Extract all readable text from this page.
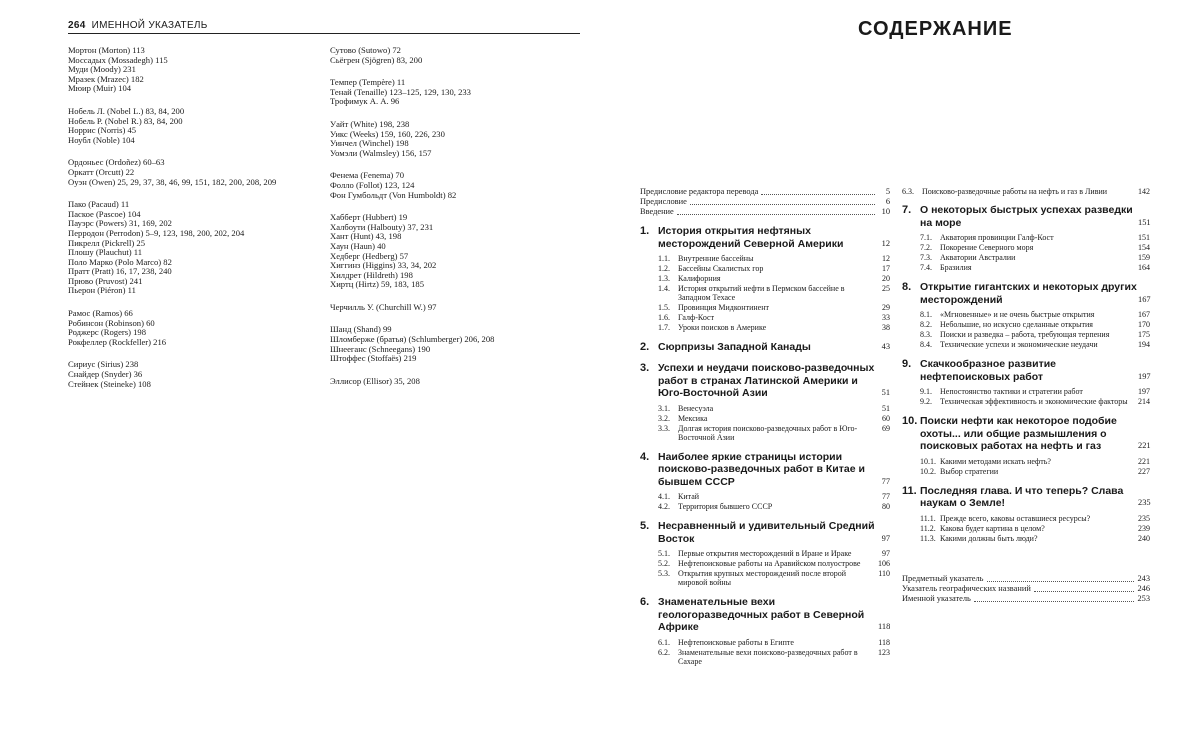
264 ИМЕННОЙ УКАЗАТЕЛЬ
Мортон (Morton) 113
Моссадых (Mossadegh) 115
Муди (Moody) 231
Мразек (Mrazec) 182
Мюир (Muir) 104
Нобель Л. (Nobel L.) 83, 84, 200
Нобель Р. (Nobel R.) 83, 84, 200
Норрис (Norris) 45
Ноубл (Noble) 104
Ордоньес (Ordoñez) 60–63
Оркатт (Orcutt) 22
Оуэн (Owen) 25, 29, 37, 38, 46, 99, 151, 182, 200, 208, 209
Пако (Pacaud) 11
Паское (Pascoe) 104
Пауэрс (Powers) 31, 169, 202
Перродон (Perrodon) 5–9, 123, 198, 200, 202, 204
Пикрелл (Pickrell) 25
Плошу (Plauchut) 11
Поло Марко (Polo Marco) 82
Пратт (Pratt) 16, 17, 238, 240
Прюво (Pruvost) 241
Пьерон (Piéron) 11
Рамос (Ramos) 66
Робинсон (Robinson) 60
Роджерс (Rogers) 198
Рокфеллер (Rockfeller) 216
Сириус (Sirius) 238
Снайдер (Snyder) 36
Стейнек (Steineke) 108
Сутово (Sutowo) 72
Сьёгрен (Sjögren) 83, 200
Темпер (Tempère) 11
Тенай (Tenaille) 123–125, 129, 130, 233
Трофимук А. А. 96
Уайт (White) 198, 238
Уикс (Weeks) 159, 160, 226, 230
Уинчел (Winchel) 198
Уомэли (Walmsley) 156, 157
Фенема (Fenema) 70
Фоллo (Follot) 123, 124
Фон Гумбольдт (Von Humboldt) 82
Хабберт (Hubbert) 19
Халбоути (Halbouty) 37, 231
Хант (Hunt) 43, 198
Хаун (Haun) 40
Хедберг (Hedberg) 57
Хиггинз (Higgins) 33, 34, 202
Хилдрет (Hildreth) 198
Хиртц (Hirtz) 59, 183, 185
Черчилль У. (Churchill W.) 97
Шанд (Shand) 99
Шломберже (братья) (Schlumberger) 206, 208
Шнееганс (Schneegans) 190
Штоффес (Stoffaës) 219
Эллисор (Ellisor) 35, 208
СОДЕРЖАНИЕ
Предисловие редактора перевода	5
Предисловие	6
Введение	10
1. История открытия нефтяных месторождений Северной Америки	12
1.1.	Внутренние бассейны	12
1.2.	Бассейны Скалистых гор	17
1.3.	Калифорния	20
1.4.	История открытий нефти в Пермском бассейне в Западном Техасе
25
1.5.	Провинция Мидконтинент	29
1.6.	Галф-Кост	33
1.7.	Уроки поисков в Америке	38
2. Сюрпризы Западной Канады	43
3. Успехи и неудачи поисково-разведочных работ в странах Латинской Америки и Юго-Восточной Азии	51
3.1.	Венесуэла	51
3.2.	Мексика	60
3.3.	Долгая история поисково-разведочных работ в Юго-Восточной Азии
69
4. Наиболее яркие страницы истории поисково-разведочных работ в Китае и бывшем СССР	77
4.1.	Китай	77
4.2.	Территория бывшего СССР	80
5. Несравненный и удивительный Средний Восток	97
5.1.	Первые открытия месторождений в Иране и Ираке	97
5.2.	Нефтепоисковые работы на Аравийском полуострове	106
5.3.	Открытия крупных месторождений после второй мировой войны
110
6. Знаменательные вехи геологоразведочных работ в Северной Африке	118
6.1.	Нефтепоисковые работы в Египте	118
6.2.	Знаменательные вехи поисково-разведочных работ в Сахаре
123
6.3.	Поисково-разведочные работы на нефть и газ в Ливии	142
7. О некоторых быстрых успехах разведки на море	151
7.1.	Акватория провинции Галф-Кост	151
7.2.	Покорение Северного моря	154
7.3.	Акватории Австралии	159
7.4.	Бразилия	164
8. Открытие гигантских и некоторых других месторождений	167
8.1.	«Мгновенные» и не очень быстрые открытия	167
8.2.	Небольшие, но искусно сделанные открытия	170
8.3.	Поиски и разведка – работа, требующая терпения	175
8.4.	Технические успехи и экономические неудачи	194
9. Скачкообразное развитие нефтепоисковых работ	197
9.1.	Непостоянство тактики и стратегии работ	197
9.2.	Техническая эффективность и экономические факторы	214
10. Поиски нефти как некоторое подобие охоты... или общие размышления о поисковых работах на нефть и газ	221
10.1. Какими методами искать нефть?	221
10.2. Выбор стратегии	227
11. Последняя глава. И что теперь? Слава наукам о Земле!	235
11.1. Прежде всего, каковы оставшиеся ресурсы?	235
11.2. Какова будет картина в целом?	239
11.3. Какими должны быть люди?	240
Предметный указатель	243
Указатель географических названий	246
Именной указатель	253
